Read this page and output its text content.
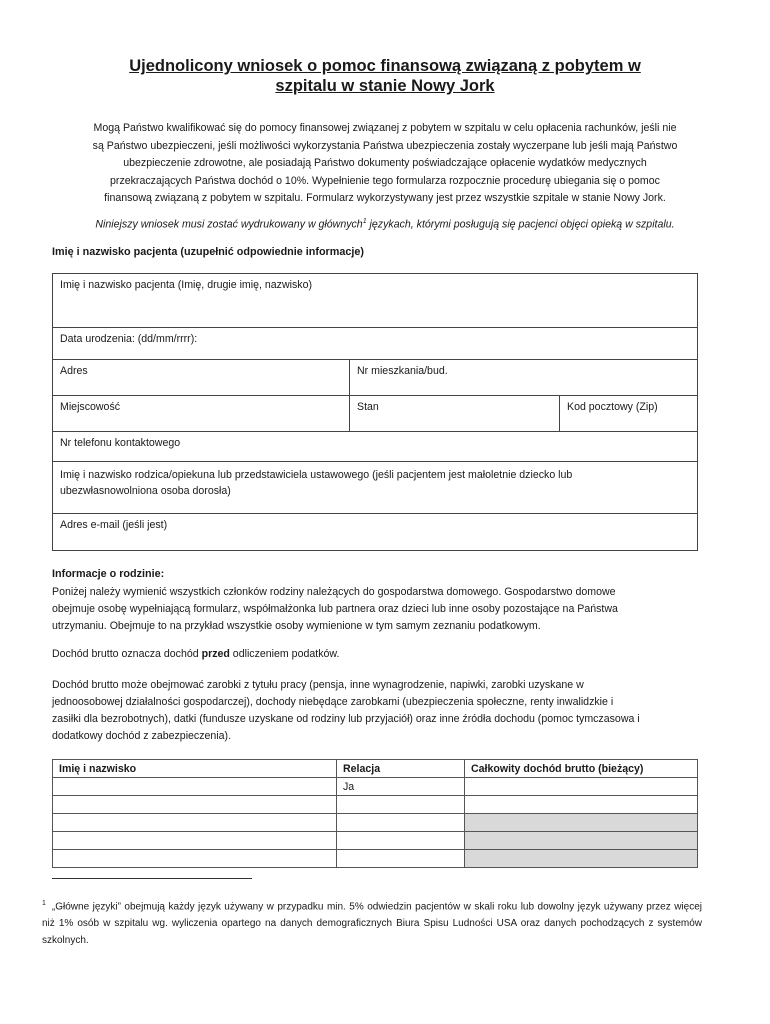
Ujednolicony wniosek o pomoc finansową związaną z pobytem w
szpitalu w stanie Nowy Jork
Mogą Państwo kwalifikować się do pomocy finansowej związanej z pobytem w szpitalu w celu opłacenia rachunków, jeśli nie
są Państwo ubezpieczeni, jeśli możliwości wykorzystania Państwa ubezpieczenia zostały wyczerpane lub jeśli mają Państwo
ubezpieczenie zdrowotne, ale posiadają Państwo dokumenty poświadczające opłacenie wydatków medycznych
przekraczających Państwa dochód o 10%. Wypełnienie tego formularza rozpocznie procedurę ubiegania się o pomoc
finansową związaną z pobytem w szpitalu. Formularz wykorzystywany jest przez wszystkie szpitale w stanie Nowy Jork.
Niniejszy wniosek musi zostać wydrukowany w głównych$^1$ językach, którymi posługują się pacjenci objęci opieką w szpitalu.
Imię i nazwisko pacjenta (uzupełnić odpowiednie informacje)
Imię i nazwisko pacjenta (Imię, drugie imię, nazwisko)
Data urodzenia: (dd/mm/rrrr):
Adres	Nr mieszkania/bud.
Miejscowość	Stan	Kod pocztowy (Zip)
Nr telefonu kontaktowego
Imię i nazwisko rodzica/opiekuna lub przedstawiciela ustawowego (jeśli pacjentem jest małoletnie dziecko lub
ubezwłasnowolniona osoba dorosła)
Adres e-mail (jeśli jest)
Informacje o rodzinie:
Poniżej należy wymienić wszystkich członków rodziny należących do gospodarstwa domowego. Gospodarstwo domowe
obejmuje osobę wypełniającą formularz, współmałżonka lub partnera oraz dzieci lub inne osoby pozostające na Państwa
utrzymaniu. Obejmuje to na przykład wszystkie osoby wymienione w tym samym zeznaniu podatkowym.
Dochód brutto oznacza dochód przed odliczeniem podatków.
Dochód brutto może obejmować zarobki z tytułu pracy (pensja, inne wynagrodzenie, napiwki, zarobki uzyskane w
jednoosobowej działalności gospodarczej), dochody niebędące zarobkami (ubezpieczenia społeczne, renty inwalidzkie i
zasiłki dla bezrobotnych), datki (fundusze uzyskane od rodziny lub przyjaciół) oraz inne źródła dochodu (pomoc tymczasowa i
dodatkowy dochód z zabezpieczenia).
Imię i nazwisko	Relacja	Całkowity dochód brutto (bieżący)
	Ja	

$^1$ „Główne języki” obejmują każdy język używany w przypadku min. 5% odwiedzin pacjentów w skali roku lub dowolny język używany przez więcej niż 1% osób w szpitalu wg. wyliczenia opartego na danych demograficznych Biura Spisu Ludności USA oraz danych pochodzących z systemów szkolnych.
